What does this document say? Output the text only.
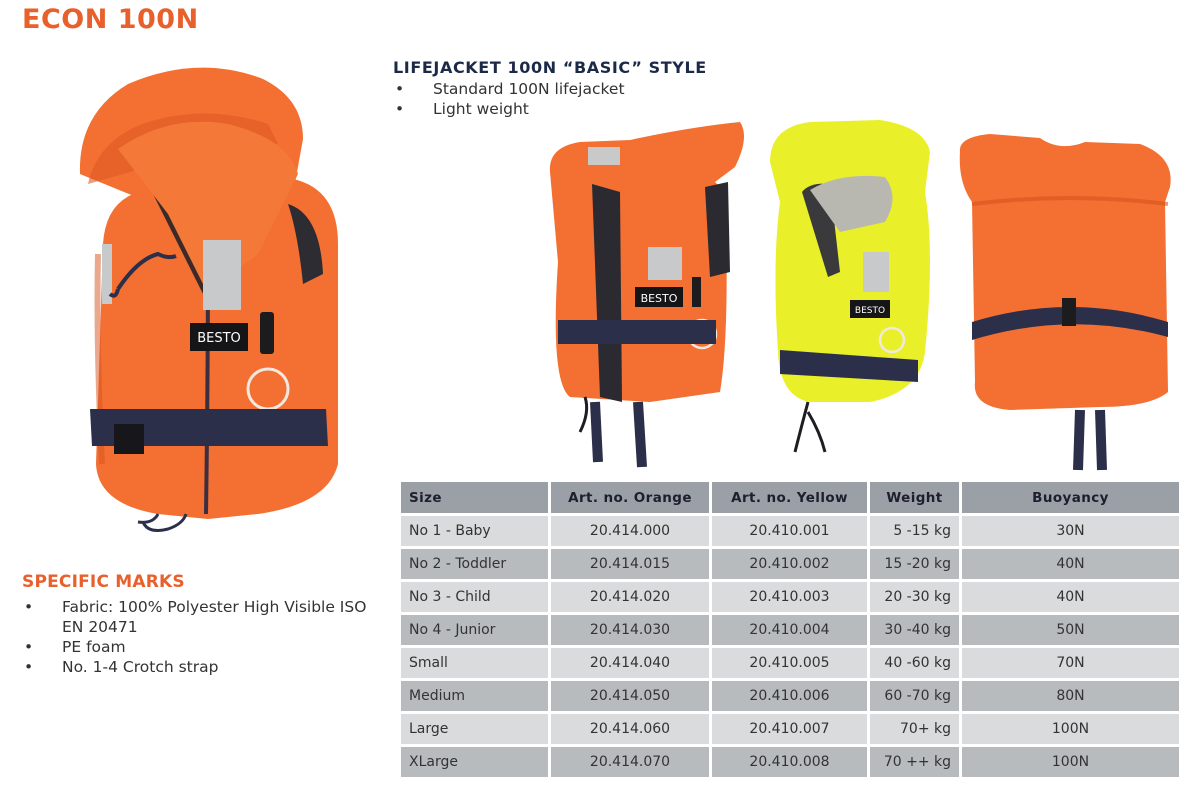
ECON 100N
BESTO
SPECIFIC MARKS
• Fabric: 100% Polyester High Visible ISO EN 20471
• PE foam
• No. 1-4 Crotch strap
LIFEJACKET 100N “BASIC” STYLE
• Standard 100N lifejacket
• Light weight
BESTO
BESTO
Size	Art. no. Orange	Art. no. Yellow	Weight	Buoyancy
No 1 - Baby	20.414.000	20.410.001	5 -15 kg	30N
No 2 - Toddler	20.414.015	20.410.002	15 -20 kg	40N
No 3 - Child	20.414.020	20.410.003	20 -30 kg	40N
No 4 - Junior	20.414.030	20.410.004	30 -40 kg	50N
Small	20.414.040	20.410.005	40 -60 kg	70N
Medium	20.414.050	20.410.006	60 -70 kg	80N
Large	20.414.060	20.410.007	70+ kg	100N
XLarge	20.414.070	20.410.008	70 ++ kg	100N
